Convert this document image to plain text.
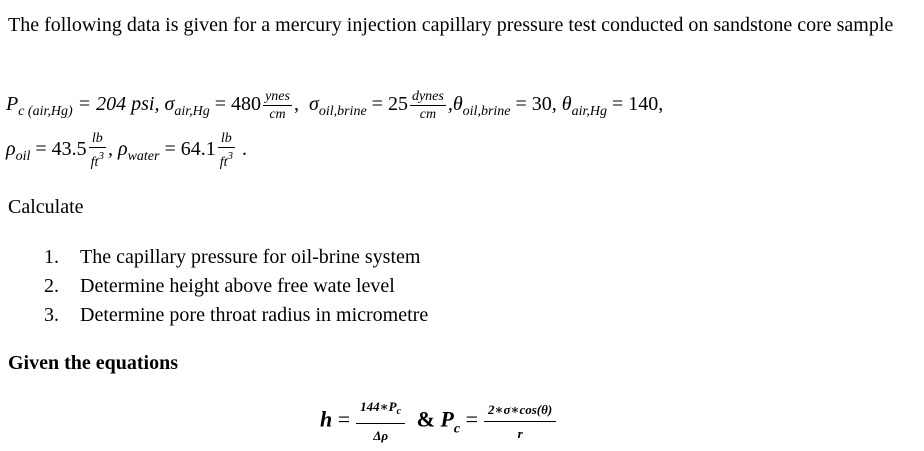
The following data is given for a mercury injection capillary pressure test conducted on sandstone core sample
$P_{c (air,Hg)} = 204$ psi, $\sigma_{air,Hg} = 480 \frac{\text{ynes}}{cm}$ , $\sigma_{oil,brine} = 25 \frac{\text{dynes}}{cm} ,\theta_{oil,brine} = 30$, $\theta_{air,Hg} = 140$,
$\rho_{oil} = 43.5 \frac{lb}{ft^3}$ , $\rho_{water} = 64.1 \frac{lb}{ft^3}$ .
Calculate
1. The capillary pressure for oil-brine system
2. Determine height above free wate level
3. Determine pore throat radius in micrometre
Given the equations
$h = \frac{144∗P_c}{\Delta\rho}$ & $P_c = \frac{2∗\sigma∗\cos(\theta)}{r}$
